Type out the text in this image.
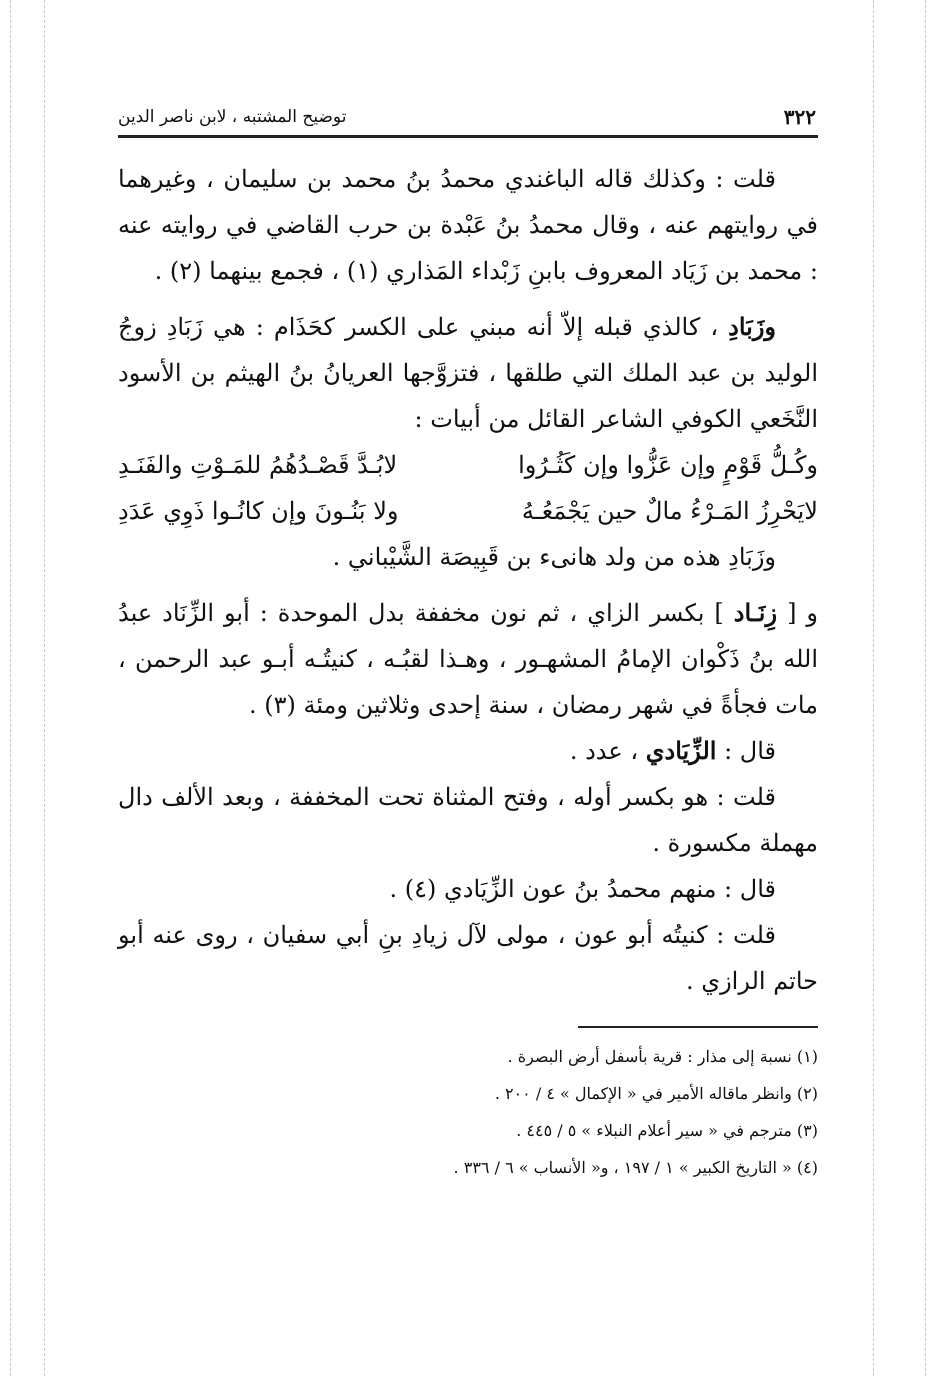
٣٢٢
توضيح المشتبه ، لابن ناصر الدين

قلت : وكذلك قاله الباغندي محمدُ بنُ محمد بن سليمان ، وغيرهما في روايتهم عنه ، وقال محمدُ بنُ عَبْدة بن حرب القاضي في روايته عنه : محمد بن زَيَاد المعروف بابنِ زَبْداء المَذاري (١) ، فجمع بينهما (٢) .

وزَبَادِ ، كالذي قبله إلاّ أنه مبني على الكسر كحَذَام : هي زَبَادِ زوجُ الوليد بن عبد الملك التي طلقها ، فتزوَّجها العريانُ بنُ الهيثم بن الأسود النَّخَعي الكوفي الشاعر القائل من أبيات :

وكُـلُّ قَوْمٍ وإن عَزُّوا وإن كَثُـرُوا
لابُـدَّ قَصْـدُهُمُ للمَـوْتِ والفَنَـدِ
لايَحْرِزُ المَـرْءُ مالٌ حين يَجْمَعُـهُ
ولا بَنُـونَ وإن كانُـوا ذَوِي عَدَدِ

وزَبَادِ هذه من ولد هانىء بن قَبِيصَة الشَّيْباني .

و [ زِنَـاد ] بكسر الزاي ، ثم نون مخففة بدل الموحدة : أبو الزِّنَاد عبدُ الله بنُ ذَكْوان الإمامُ المشهـور ، وهـذا لقبُـه ، كنيتُـه أبـو عبد الرحمن ، مات فجأةً في شهر رمضان ، سنة إحدى وثلاثين ومئة (٣) .

قال : الزِّيَادي ، عدد .

قلت : هو بكسر أوله ، وفتح المثناة تحت المخففة ، وبعد الألف دال مهملة مكسورة .

قال : منهم محمدُ بنُ عون الزِّيَادي (٤) .

قلت : كنيتُه أبو عون ، مولى لآل زيادِ بنِ أبي سفيان ، روى عنه أبو حاتم الرازي .

(١) نسبة إلى مذار : قرية بأسفل أرض البصرة .

(٢) وانظر ماقاله الأمير في « الإكمال » ٤ / ٢٠٠ .

(٣) مترجم في « سير أعلام النبلاء » ٥ / ٤٤٥ .

(٤) « التاريخ الكبير » ١ / ١٩٧ ، و« الأنساب » ٦ / ٣٣٦ .
